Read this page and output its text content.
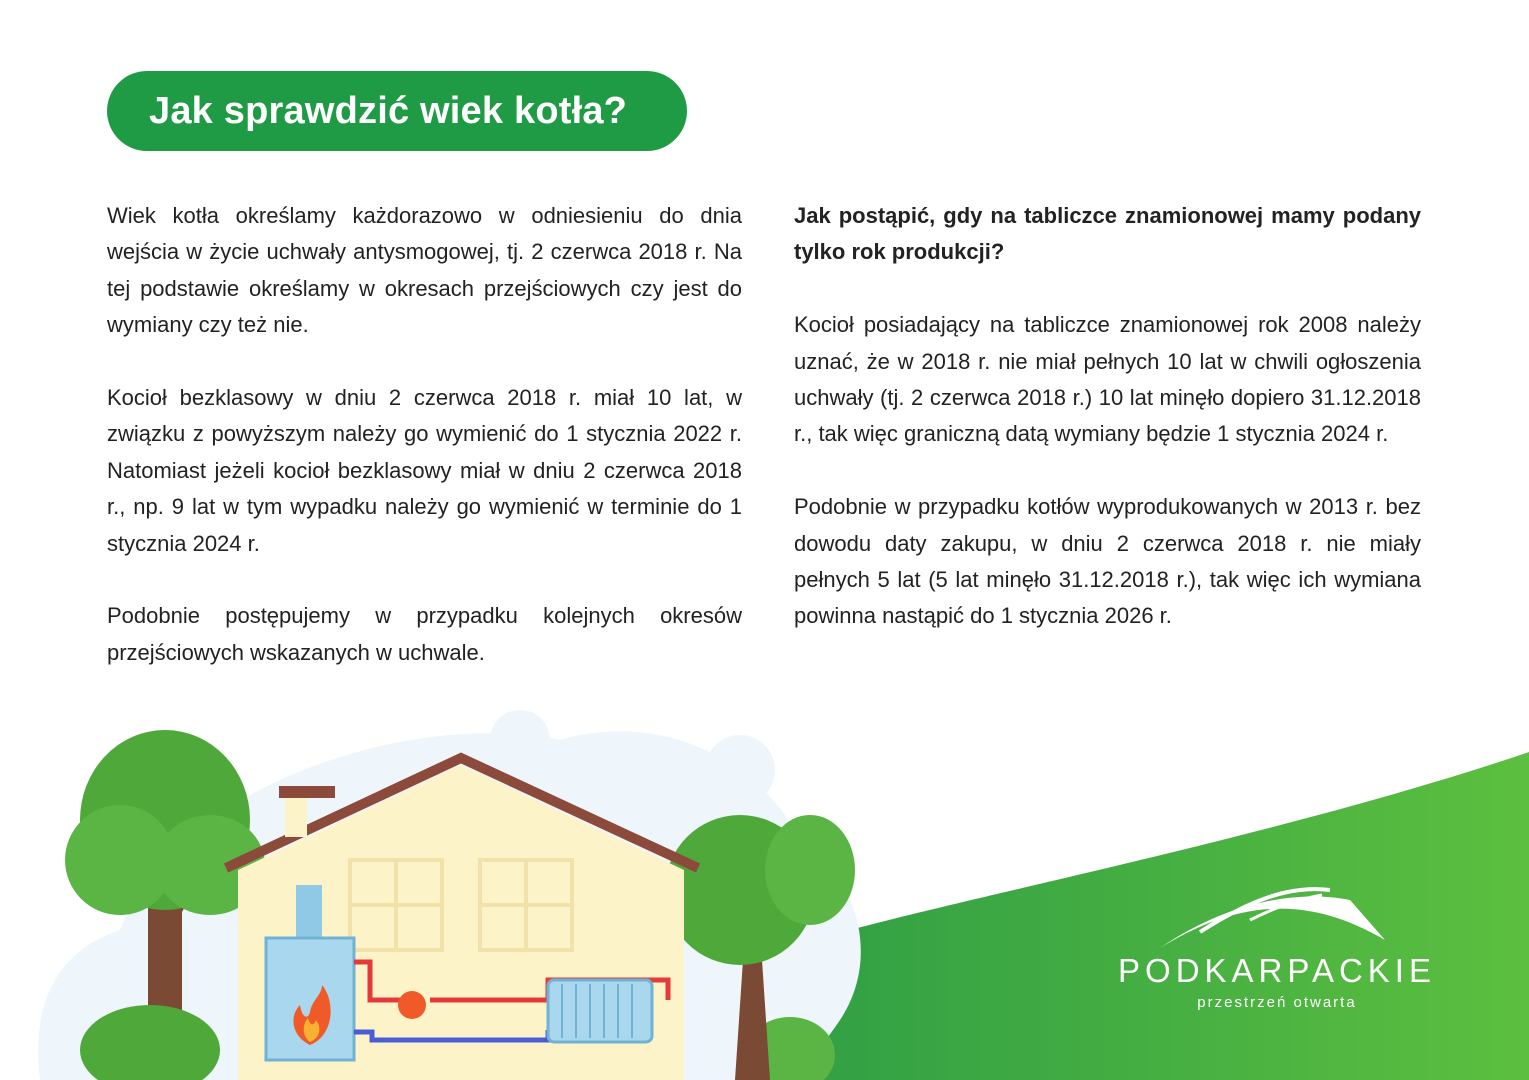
Jak sprawdzić wiek kotła?

Wiek kotła określamy każdorazowo w odniesieniu do dnia wejścia w życie uchwały antysmogowej, tj. 2 czerwca 2018 r. Na tej podstawie określamy w okresach przejściowych czy jest do wymiany czy też nie.

Kocioł bezklasowy w dniu 2 czerwca 2018 r. miał 10 lat, w związku z powyższym należy go wymienić do 1 stycznia 2022 r. Natomiast jeżeli kocioł bezklasowy miał w dniu 2 czerwca 2018 r., np. 9 lat w tym wypadku należy go wymienić w terminie do 1 stycznia 2024 r.

Podobnie postępujemy w przypadku kolejnych okresów przejściowych wskazanych w uchwale.

Jak postąpić, gdy na tabliczce znamionowej mamy podany tylko rok produkcji?

Kocioł posiadający na tabliczce znamionowej rok 2008 należy uznać, że w 2018 r. nie miał pełnych 10 lat w chwili ogłoszenia uchwały (tj. 2 czerwca 2018 r.) 10 lat minęło dopiero 31.12.2018 r., tak więc graniczną datą wymiany będzie 1 stycznia 2024 r.

Podobnie w przypadku kotłów wyprodukowanych w 2013 r. bez dowodu daty zakupu, w dniu 2 czerwca 2018 r. nie miały pełnych 5 lat (5 lat minęło 31.12.2018 r.), tak więc ich wymiana powinna nastąpić do 1 stycznia 2026 r.

PODKARPACKIE
przestrzeń otwarta
